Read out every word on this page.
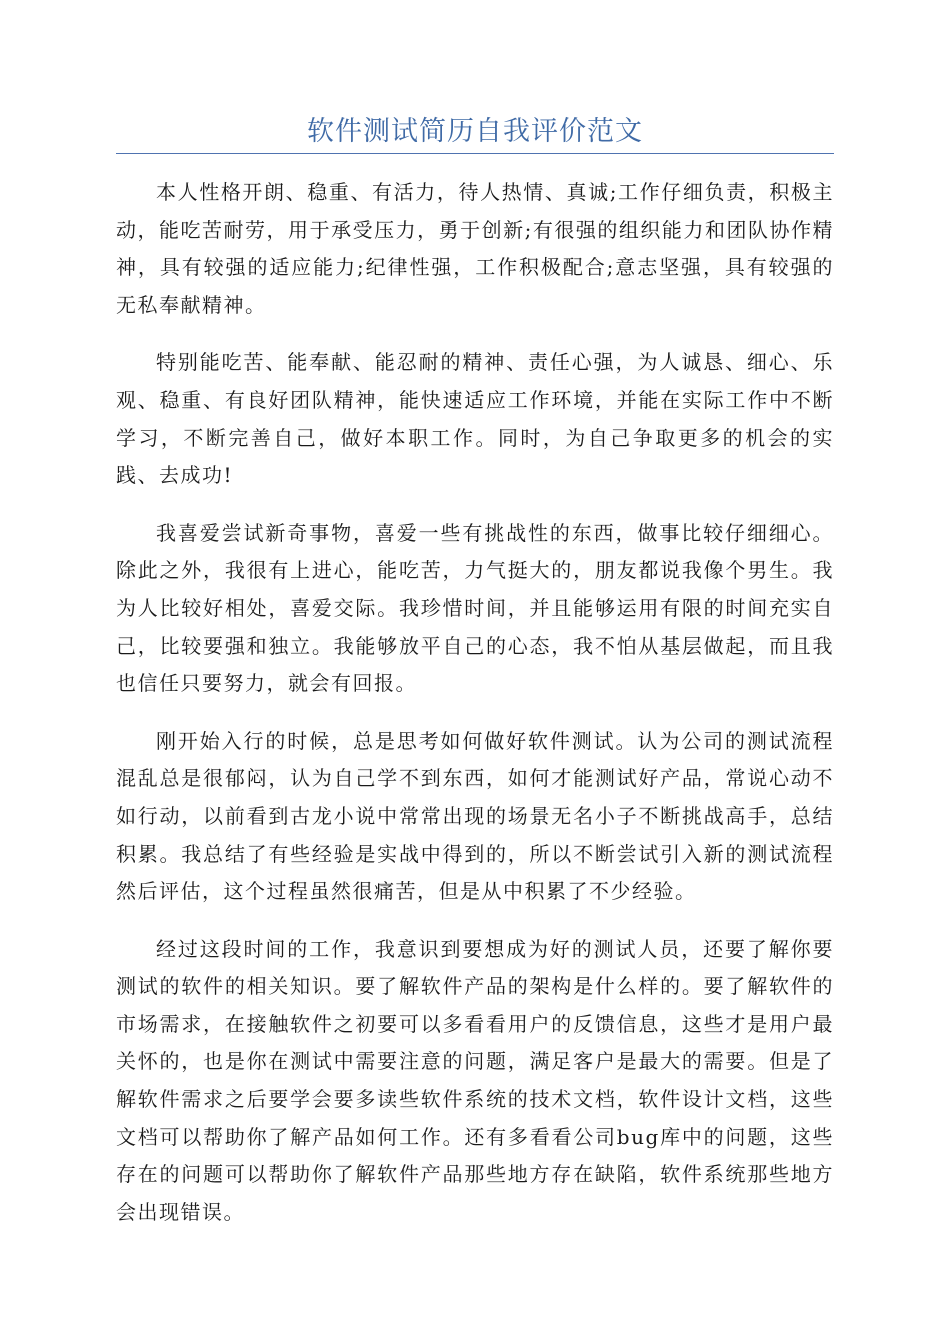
软件测试简历自我评价范文

本人性格开朗、稳重、有活力，待人热情、真诚;工作仔细负责，积极主动，能吃苦耐劳，用于承受压力，勇于创新;有很强的组织能力和团队协作精神，具有较强的适应能力;纪律性强，工作积极配合;意志坚强，具有较强的无私奉献精神。

特别能吃苦、能奉献、能忍耐的精神、责任心强，为人诚恳、细心、乐观、稳重、有良好团队精神，能快速适应工作环境，并能在实际工作中不断学习，不断完善自己，做好本职工作。同时，为自己争取更多的机会的实践、去成功!

我喜爱尝试新奇事物，喜爱一些有挑战性的东西，做事比较仔细细心。除此之外，我很有上进心，能吃苦，力气挺大的，朋友都说我像个男生。我为人比较好相处，喜爱交际。我珍惜时间，并且能够运用有限的时间充实自己，比较要强和独立。我能够放平自己的心态，我不怕从基层做起，而且我也信任只要努力，就会有回报。

刚开始入行的时候，总是思考如何做好软件测试。认为公司的测试流程混乱总是很郁闷，认为自己学不到东西，如何才能测试好产品，常说心动不如行动，以前看到古龙小说中常常出现的场景无名小子不断挑战高手，总结积累。我总结了有些经验是实战中得到的，所以不断尝试引入新的测试流程然后评估，这个过程虽然很痛苦，但是从中积累了不少经验。

经过这段时间的工作，我意识到要想成为好的测试人员，还要了解你要测试的软件的相关知识。要了解软件产品的架构是什么样的。要了解软件的市场需求，在接触软件之初要可以多看看用户的反馈信息，这些才是用户最关怀的，也是你在测试中需要注意的问题，满足客户是最大的需要。但是了解软件需求之后要学会要多读些软件系统的技术文档，软件设计文档，这些文档可以帮助你了解产品如何工作。还有多看看公司bug库中的问题，这些存在的问题可以帮助你了解软件产品那些地方存在缺陷，软件系统那些地方会出现错误。
